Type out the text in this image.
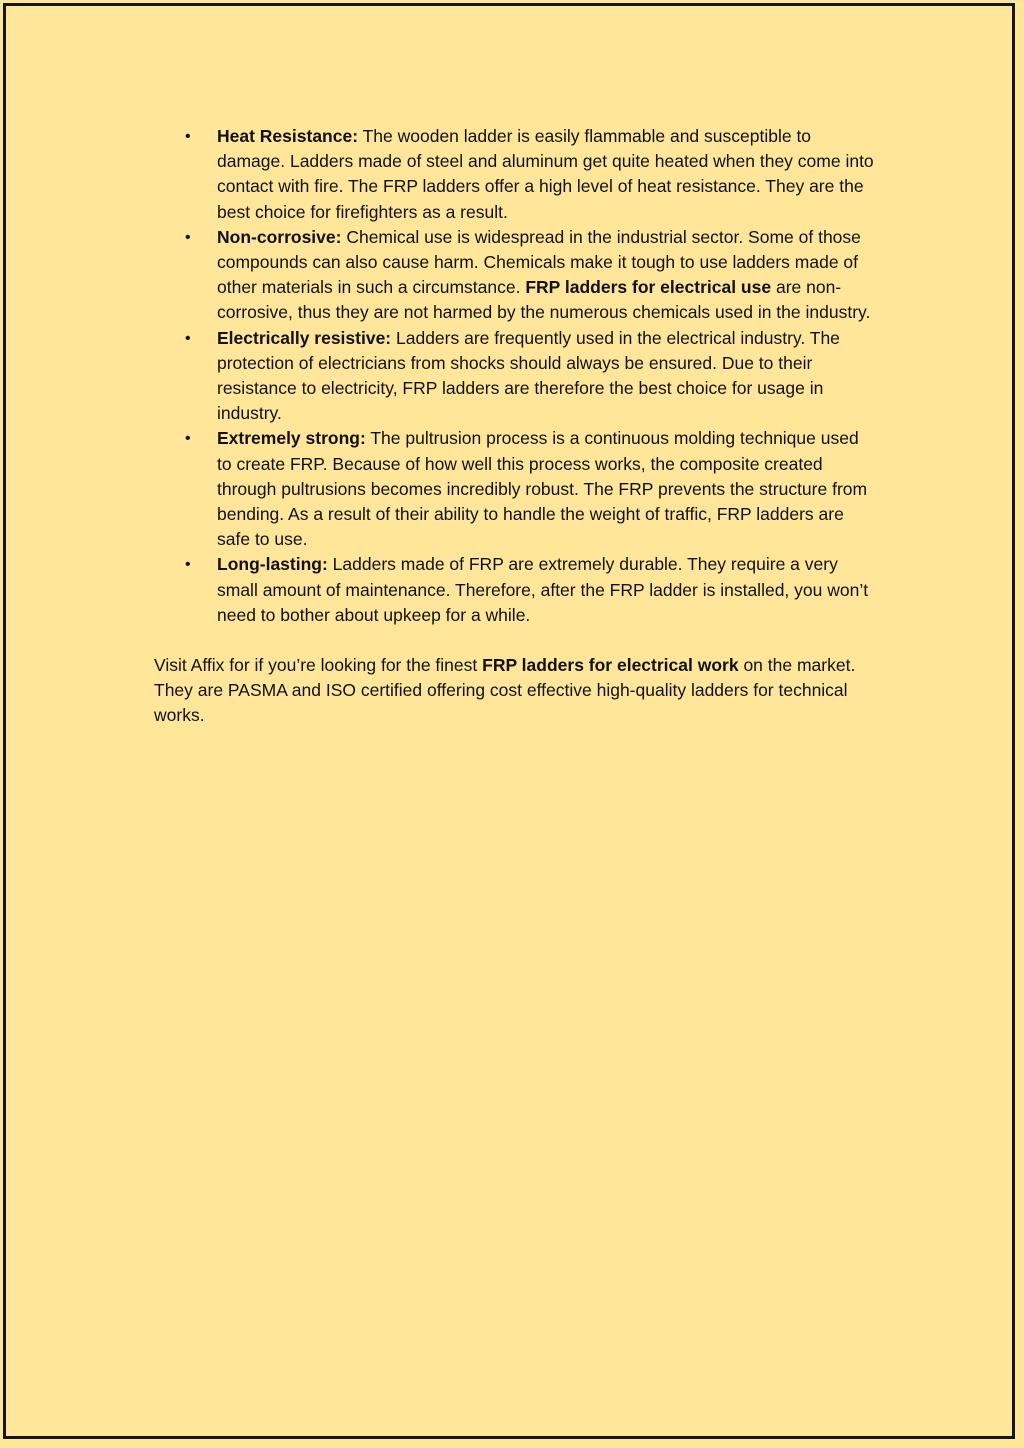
• Heat Resistance: The wooden ladder is easily flammable and susceptible to damage. Ladders made of steel and aluminum get quite heated when they come into contact with fire. The FRP ladders offer a high level of heat resistance. They are the best choice for firefighters as a result.
• Non-corrosive: Chemical use is widespread in the industrial sector. Some of those compounds can also cause harm. Chemicals make it tough to use ladders made of other materials in such a circumstance. FRP ladders for electrical use are non-corrosive, thus they are not harmed by the numerous chemicals used in the industry.
• Electrically resistive: Ladders are frequently used in the electrical industry. The protection of electricians from shocks should always be ensured. Due to their resistance to electricity, FRP ladders are therefore the best choice for usage in industry.
• Extremely strong: The pultrusion process is a continuous molding technique used to create FRP. Because of how well this process works, the composite created through pultrusions becomes incredibly robust. The FRP prevents the structure from bending. As a result of their ability to handle the weight of traffic, FRP ladders are safe to use.
• Long-lasting: Ladders made of FRP are extremely durable. They require a very small amount of maintenance. Therefore, after the FRP ladder is installed, you won’t need to bother about upkeep for a while.

Visit Affix for if you’re looking for the finest FRP ladders for electrical work on the market. They are PASMA and ISO certified offering cost effective high-quality ladders for technical works.
